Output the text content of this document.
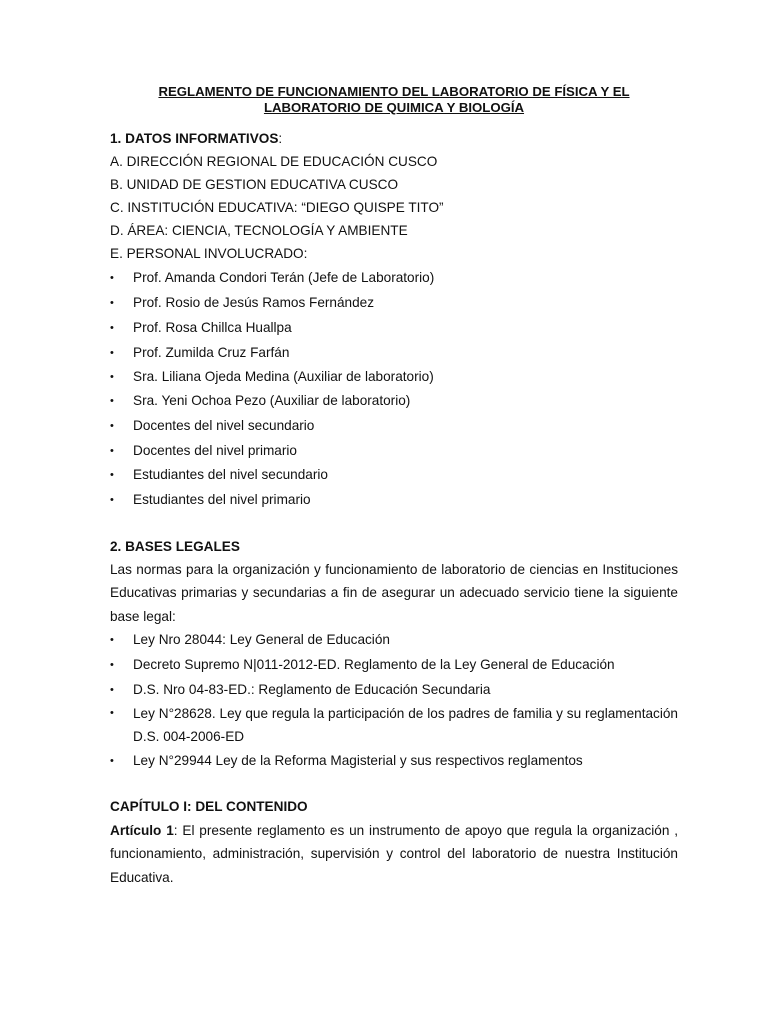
REGLAMENTO DE FUNCIONAMIENTO DEL LABORATORIO DE FÍSICA Y EL
LABORATORIO DE QUIMICA Y BIOLOGÍA
1. DATOS INFORMATIVOS:
A. DIRECCIÓN REGIONAL DE EDUCACIÓN CUSCO
B. UNIDAD DE GESTION EDUCATIVA CUSCO
C. INSTITUCIÓN EDUCATIVA: “DIEGO QUISPE TITO”
D. ÁREA: CIENCIA, TECNOLOGÍA Y AMBIENTE
E. PERSONAL INVOLUCRADO:
• Prof. Amanda Condori Terán (Jefe de Laboratorio)
• Prof. Rosio de Jesús Ramos Fernández
• Prof. Rosa Chillca Huallpa
• Prof. Zumilda Cruz Farfán
• Sra. Liliana Ojeda Medina (Auxiliar de laboratorio)
• Sra. Yeni Ochoa Pezo (Auxiliar de laboratorio)
• Docentes del nivel secundario
• Docentes del nivel primario
• Estudiantes del nivel secundario
• Estudiantes del nivel primario
2. BASES LEGALES
Las normas para la organización y funcionamiento de laboratorio de ciencias en Instituciones Educativas primarias y secundarias a fin de asegurar un adecuado servicio tiene la siguiente base legal:
• Ley Nro 28044: Ley General de Educación
• Decreto Supremo N|011-2012-ED. Reglamento de la Ley General de Educación
• D.S. Nro 04-83-ED.: Reglamento de Educación Secundaria
• Ley N°28628. Ley que regula la participación de los padres de familia y su reglamentación D.S. 004-2006-ED
• Ley N°29944 Ley de la Reforma Magisterial y sus respectivos reglamentos
CAPÍTULO I: DEL CONTENIDO
Artículo 1: El presente reglamento es un instrumento de apoyo que regula la organización , funcionamiento, administración, supervisión y control del laboratorio de nuestra Institución Educativa.
